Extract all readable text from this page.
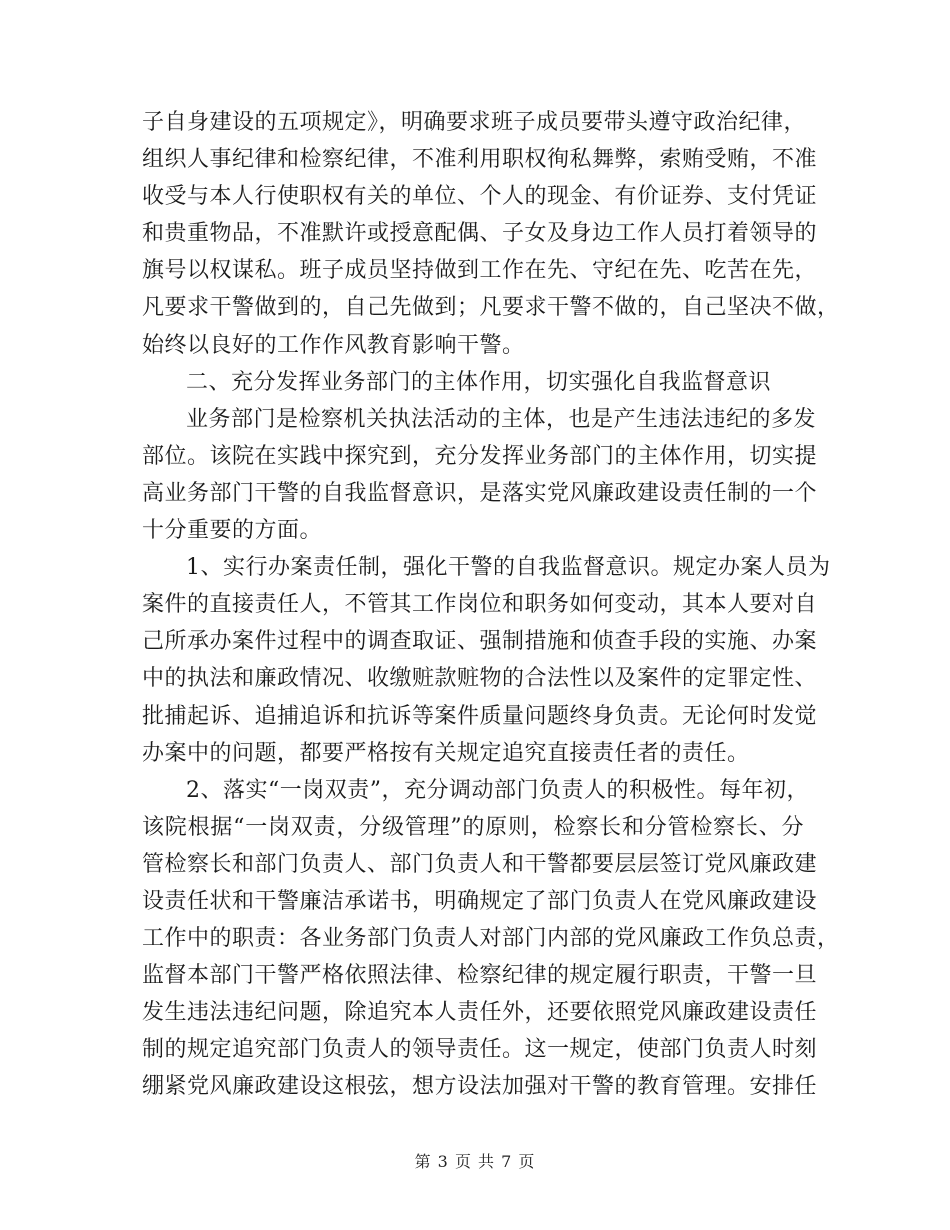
子自身建设的五项规定》，明确要求班子成员要带头遵守政治纪律，
组织人事纪律和检察纪律，不准利用职权徇私舞弊，索贿受贿，不准
收受与本人行使职权有关的单位、个人的现金、有价证券、支付凭证
和贵重物品，不准默许或授意配偶、子女及身边工作人员打着领导的
旗号以权谋私。班子成员坚持做到工作在先、守纪在先、吃苦在先，
凡要求干警做到的，自己先做到；凡要求干警不做的，自己坚决不做，
始终以良好的工作作风教育影响干警。
二、充分发挥业务部门的主体作用，切实强化自我监督意识
业务部门是检察机关执法活动的主体，也是产生违法违纪的多发
部位。该院在实践中探究到，充分发挥业务部门的主体作用，切实提
高业务部门干警的自我监督意识，是落实党风廉政建设责任制的一个
十分重要的方面。
1、实行办案责任制，强化干警的自我监督意识。规定办案人员为
案件的直接责任人，不管其工作岗位和职务如何变动，其本人要对自
己所承办案件过程中的调查取证、强制措施和侦查手段的实施、办案
中的执法和廉政情况、收缴赃款赃物的合法性以及案件的定罪定性、
批捕起诉、追捕追诉和抗诉等案件质量问题终身负责。无论何时发觉
办案中的问题，都要严格按有关规定追究直接责任者的责任。
2、落实“一岗双责”，充分调动部门负责人的积极性。每年初，
该院根据“一岗双责，分级管理”的原则，检察长和分管检察长、分
管检察长和部门负责人、部门负责人和干警都要层层签订党风廉政建
设责任状和干警廉洁承诺书，明确规定了部门负责人在党风廉政建设
工作中的职责：各业务部门负责人对部门内部的党风廉政工作负总责，
监督本部门干警严格依照法律、检察纪律的规定履行职责，干警一旦
发生违法违纪问题，除追究本人责任外，还要依照党风廉政建设责任
制的规定追究部门负责人的领导责任。这一规定，使部门负责人时刻
绷紧党风廉政建设这根弦，想方设法加强对干警的教育管理。安排任
第 3 页 共 7 页
